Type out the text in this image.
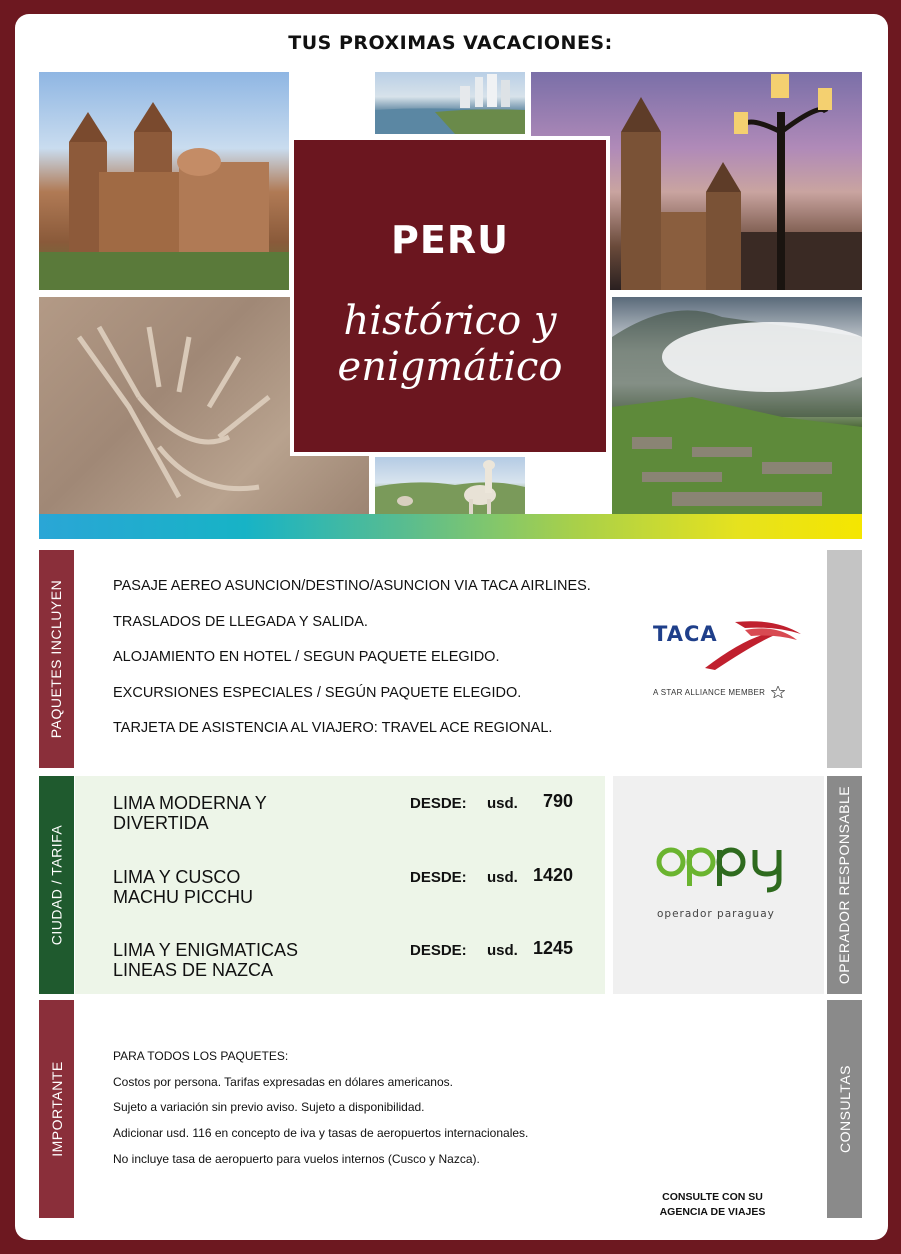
TUS PROXIMAS VACACIONES:
PERU
histórico y
enigmático
PAQUETES INCLUYEN
CIUDAD / TARIFA
IMPORTANTE
OPERADOR RESPONSABLE
CONSULTAS
PASAJE AEREO ASUNCION/DESTINO/ASUNCION VIA TACA AIRLINES.
TRASLADOS DE LLEGADA Y SALIDA.
ALOJAMIENTO EN HOTEL / SEGUN PAQUETE ELEGIDO.
EXCURSIONES ESPECIALES / SEGÚN PAQUETE ELEGIDO.
TARJETA DE ASISTENCIA AL VIAJERO: TRAVEL ACE REGIONAL.
TACA
A STAR ALLIANCE MEMBER
LIMA MODERNA Y
DIVERTIDA
DESDE: usd.	790
LIMA Y CUSCO
MACHU PICCHU
DESDE: usd. 1420
LIMA Y ENIGMATICAS
LINEAS DE NAZCA
DESDE: usd. 1245
operador paraguay
PARA TODOS LOS PAQUETES:
Costos por persona. Tarifas expresadas en dólares americanos.
Sujeto a variación sin previo aviso. Sujeto a disponibilidad.
Adicionar usd. 116 en concepto de iva y tasas de aeropuertos internacionales.
No incluye tasa de aeropuerto para vuelos internos (Cusco y Nazca).
CONSULTE CON SU
AGENCIA DE VIAJES
